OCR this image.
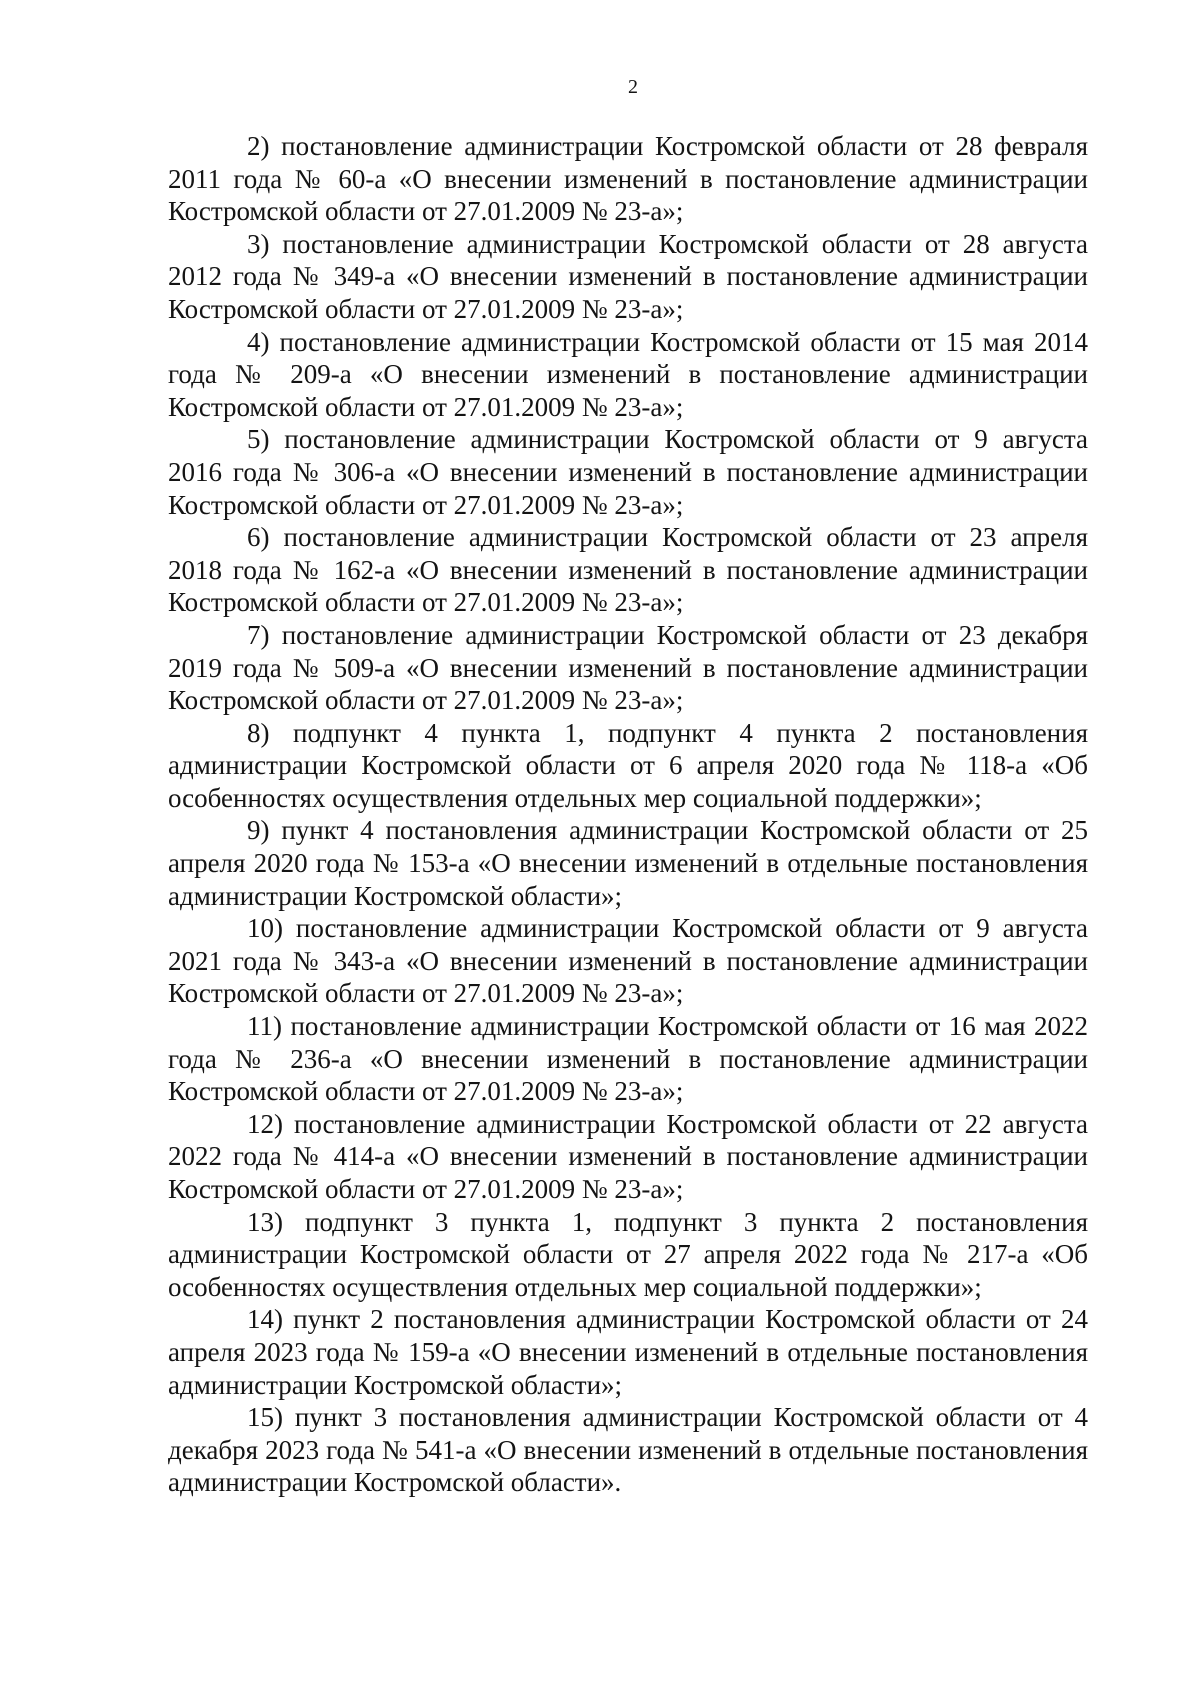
2

2) постановление администрации Костромской области от 28 февраля 2011 года № 60-а «О внесении изменений в постановление администрации Костромской области от 27.01.2009 № 23-а»;

3) постановление администрации Костромской области от 28 августа 2012 года № 349-а «О внесении изменений в постановление администрации Костромской области от 27.01.2009 № 23-а»;

4) постановление администрации Костромской области от 15 мая 2014 года № 209-а «О внесении изменений в постановление администрации Костромской области от 27.01.2009 № 23-а»;

5) постановление администрации Костромской области от 9 августа 2016 года № 306-а «О внесении изменений в постановление администрации Костромской области от 27.01.2009 № 23-а»;

6) постановление администрации Костромской области от 23 апреля 2018 года № 162-а «О внесении изменений в постановление администрации Костромской области от 27.01.2009 № 23-а»;

7) постановление администрации Костромской области от 23 декабря 2019 года № 509-а «О внесении изменений в постановление администрации Костромской области от 27.01.2009 № 23-а»;

8) подпункт 4 пункта 1, подпункт 4 пункта 2 постановления администрации Костромской области от 6 апреля 2020 года № 118-а «Об особенностях осуществления отдельных мер социальной поддержки»;

9) пункт 4 постановления администрации Костромской области от 25 апреля 2020 года № 153-а «О внесении изменений в отдельные постановления администрации Костромской области»;

10) постановление администрации Костромской области от 9 августа 2021 года № 343-а «О внесении изменений в постановление администрации Костромской области от 27.01.2009 № 23-а»;

11) постановление администрации Костромской области от 16 мая 2022 года № 236-а «О внесении изменений в постановление администрации Костромской области от 27.01.2009 № 23-а»;

12) постановление администрации Костромской области от 22 августа 2022 года № 414-а «О внесении изменений в постановление администрации Костромской области от 27.01.2009 № 23-а»;

13) подпункт 3 пункта 1, подпункт 3 пункта 2 постановления администрации Костромской области от 27 апреля 2022 года № 217-а «Об особенностях осуществления отдельных мер социальной поддержки»;

14) пункт 2 постановления администрации Костромской области от 24 апреля 2023 года № 159-а «О внесении изменений в отдельные постановления администрации Костромской области»;

15) пункт 3 постановления администрации Костромской области от 4 декабря 2023 года № 541-а «О внесении изменений в отдельные постановления администрации Костромской области».
